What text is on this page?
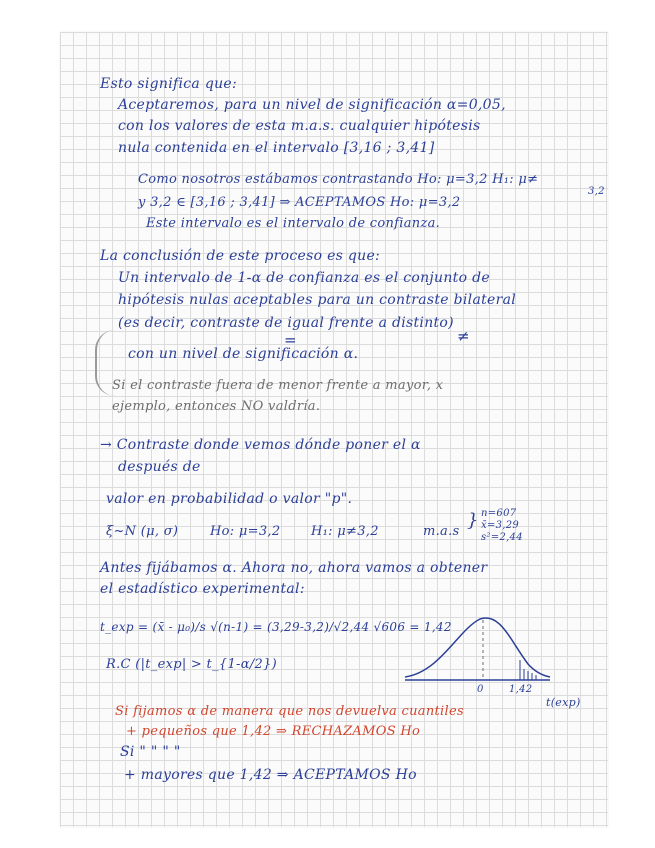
Esto significa que:
Aceptaremos, para un nivel de significación α=0,05,
con los valores de esta m.a.s. cualquier hipótesis
nula contenida en el intervalo [3,16 ; 3,41]
Como nosotros estábamos contrastando Ho: μ=3,2 H₁: μ≠
3,2
y 3,2 ∈ [3,16 ; 3,41] ⇒ ACEPTAMOS Ho: μ=3,2
Este intervalo es el intervalo de confianza.
La conclusión de este proceso es que:
Un intervalo de 1-α de confianza es el conjunto de
hipótesis nulas aceptables para un contraste bilateral
(es decir, contraste de igual frente a distinto)
=	≠
con un nivel de significación α.
Si el contraste fuera de menor frente a mayor, x
ejemplo, entonces NO valdría.
→ Contraste donde vemos dónde poner el α
después de
valor en probabilidad o valor "p".
ξ~N (μ, σ) Ho: μ=3,2 H₁: μ≠3,2	m.a.s
} n=607
x̄=3,29
s²=2,44
Antes fijábamos α. Ahora no, ahora vamos a obtener
el estadístico experimental:
t_exp = (x̄ - μ₀)/s √(n-1) = (3,29-3,2)/√2,44 √606 = 1,42
R.C (|t_exp| > t_{1-α/2})
0	1,42
t(exp)
Si fijamos α de manera que nos devuelva cuantiles
+ pequeños que 1,42 ⇒ RECHAZAMOS Ho
Si " " " "
+ mayores que 1,42 ⇒ ACEPTAMOS Ho
